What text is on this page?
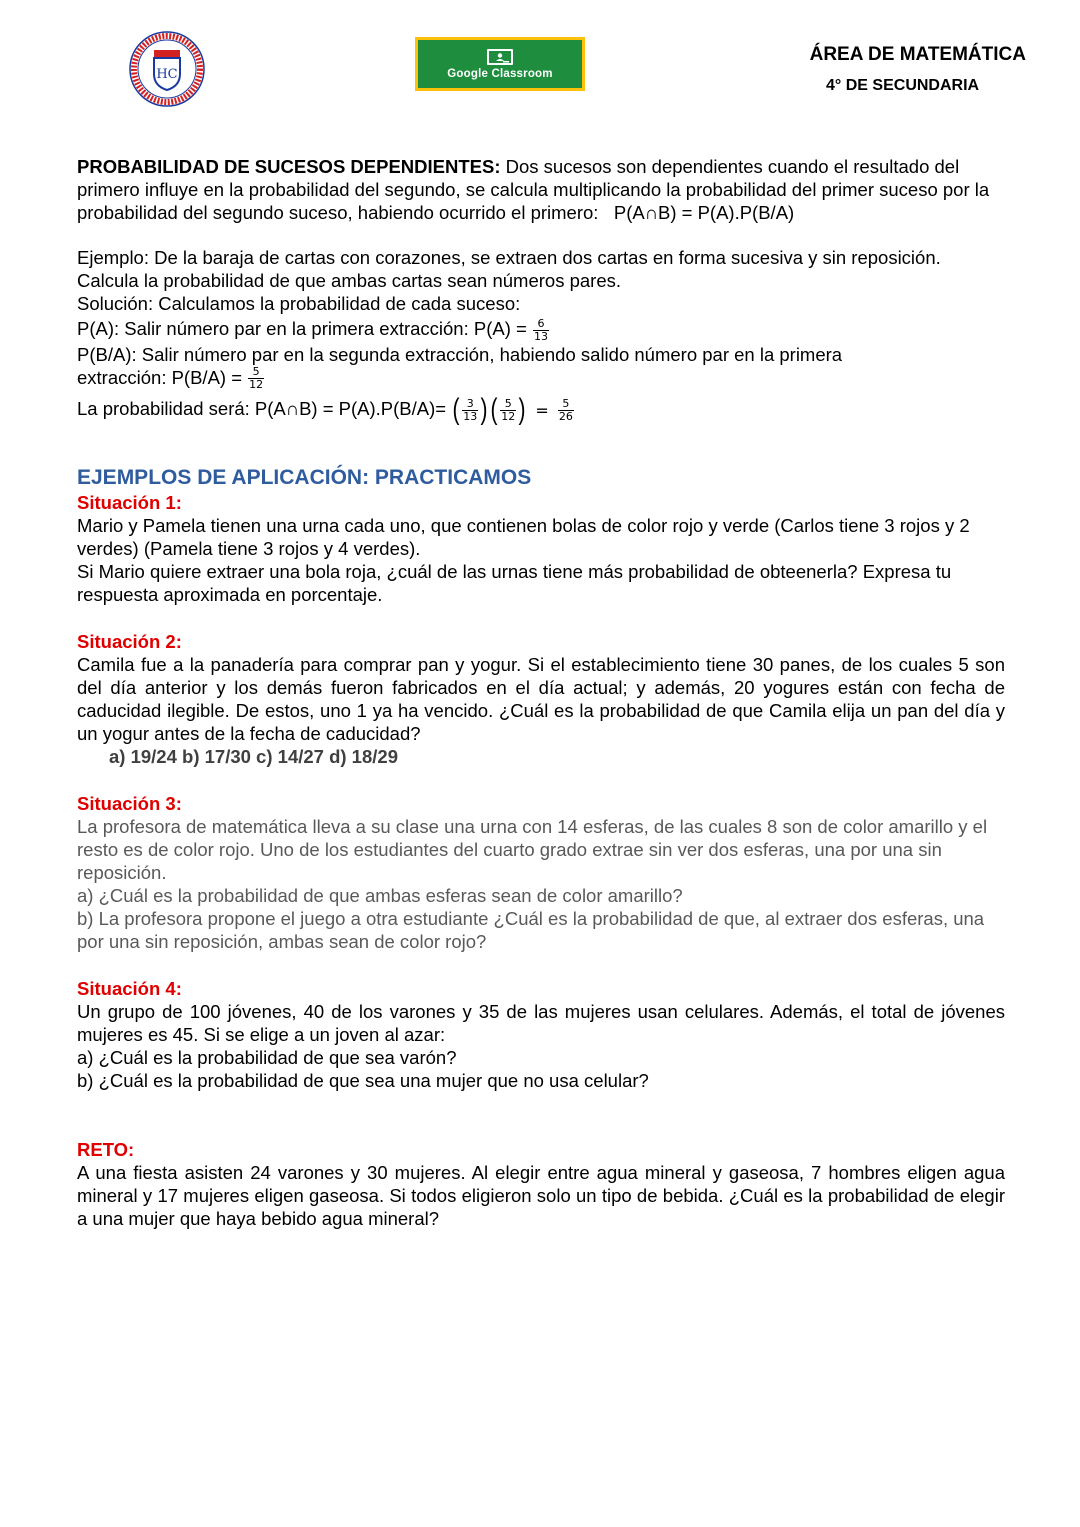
HC	Google Classroom
ÁREA DE MATEMÁTICA
4° DE SECUNDARIA

PROBABILIDAD DE SUCESOS DEPENDIENTES: Dos sucesos son dependientes cuando el resultado del primero influye en la probabilidad del segundo, se calcula multiplicando la probabilidad del primer suceso por la probabilidad del segundo suceso, habiendo ocurrido el primero: P(A∩B) = P(A).P(B/A)

Ejemplo: De la baraja de cartas con corazones, se extraen dos cartas en forma sucesiva y sin reposición. Calcula la probabilidad de que ambas cartas sean números pares.

Solución: Calculamos la probabilidad de cada suceso:

P(A): Salir número par en la primera extracción: $P(A) = \frac{6}{13}$

P(B/A): Salir número par en la segunda extracción, habiendo salido número par en la primera

extracción: $P(B/A) = \frac{5}{12}$

La probabilidad será: P(A∩B) = P(A).P(B/A)= ( $\frac{3}{13}$ ) ( $\frac{5}{12}$ ) = $\frac{5}{26}$

EJEMPLOS DE APLICACIÓN: PRACTICAMOS

Situación 1:

Mario y Pamela tienen una urna cada uno, que contienen bolas de color rojo y verde (Carlos tiene 3 rojos y 2 verdes) (Pamela tiene 3 rojos y 4 verdes).

Si Mario quiere extraer una bola roja, ¿cuál de las urnas tiene más probabilidad de obteenerla? Expresa tu respuesta aproximada en porcentaje.

Situación 2:

Camila fue a la panadería para comprar pan y yogur. Si el establecimiento tiene 30 panes, de los cuales 5 son del día anterior y los demás fueron fabricados en el día actual; y además, 20 yogures están con fecha de caducidad ilegible. De estos, uno 1 ya ha vencido. ¿Cuál es la probabilidad de que Camila elija un pan del día y un yogur antes de la fecha de caducidad?

a) 19/24 b) 17/30 c) 14/27 d) 18/29

Situación 3:

La profesora de matemática lleva a su clase una urna con 14 esferas, de las cuales 8 son de color amarillo y el resto es de color rojo. Uno de los estudiantes del cuarto grado extrae sin ver dos esferas, una por una sin reposición.

a) ¿Cuál es la probabilidad de que ambas esferas sean de color amarillo?

b) La profesora propone el juego a otra estudiante ¿Cuál es la probabilidad de que, al extraer dos esferas, una por una sin reposición, ambas sean de color rojo?

Situación 4:

Un grupo de 100 jóvenes, 40 de los varones y 35 de las mujeres usan celulares. Además, el total de jóvenes mujeres es 45. Si se elige a un joven al azar:

a) ¿Cuál es la probabilidad de que sea varón?

b) ¿Cuál es la probabilidad de que sea una mujer que no usa celular?

RETO:

A una fiesta asisten 24 varones y 30 mujeres. Al elegir entre agua mineral y gaseosa, 7 hombres eligen agua mineral y 17 mujeres eligen gaseosa. Si todos eligieron solo un tipo de bebida. ¿Cuál es la probabilidad de elegir a una mujer que haya bebido agua mineral?
